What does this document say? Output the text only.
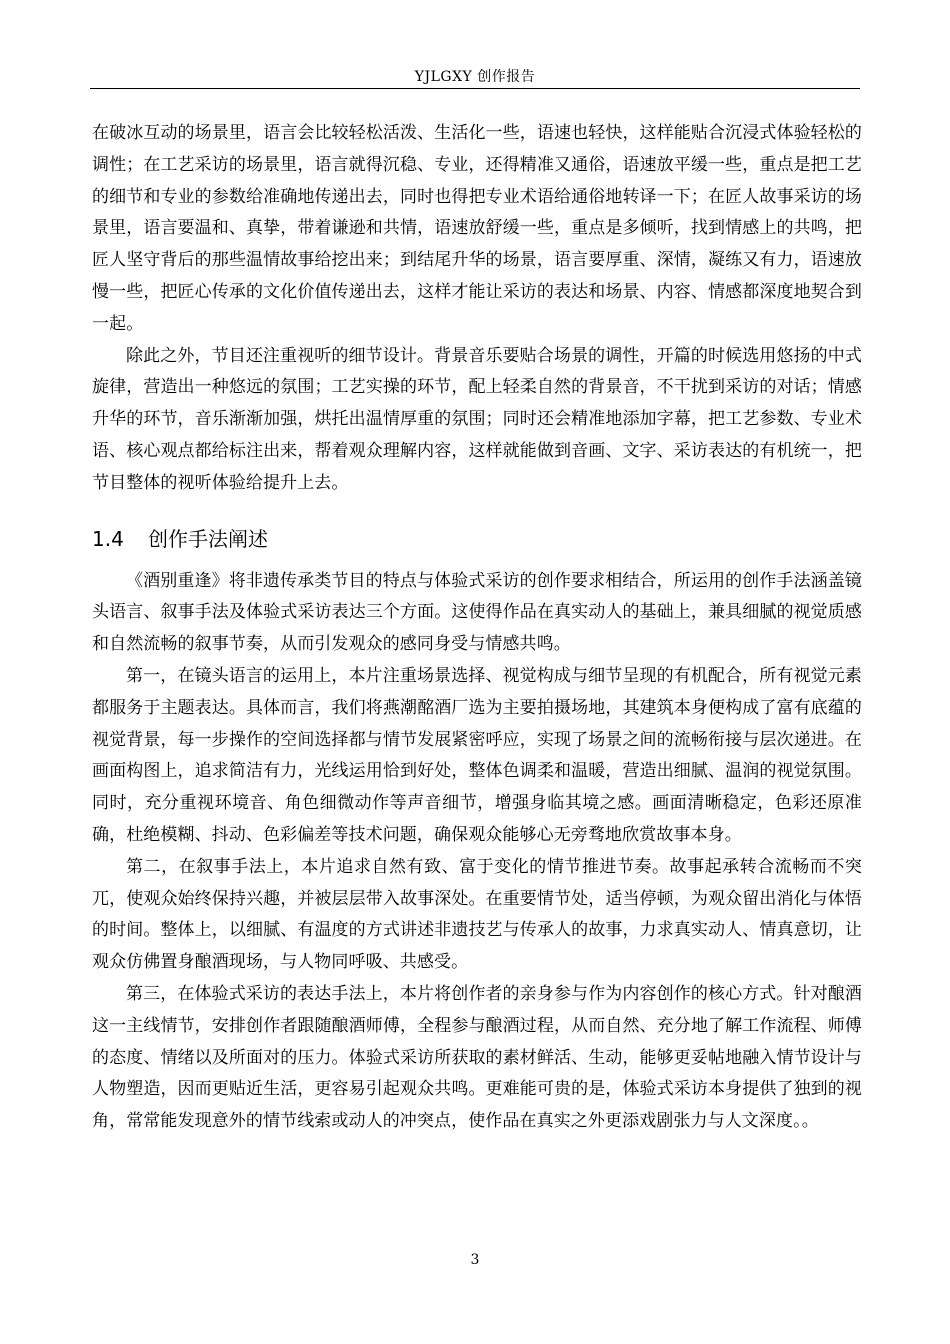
YJLGXY 创作报告

在破冰互动的场景里，语言会比较轻松活泼、生活化一些，语速也轻快，这样能贴合沉浸式体验轻松的调性；在工艺采访的场景里，语言就得沉稳、专业，还得精准又通俗，语速放平缓一些，重点是把工艺的细节和专业的参数给准确地传递出去，同时也得把专业术语给通俗地转译一下；在匠人故事采访的场景里，语言要温和、真挚，带着谦逊和共情，语速放舒缓一些，重点是多倾听，找到情感上的共鸣，把匠人坚守背后的那些温情故事给挖出来；到结尾升华的场景，语言要厚重、深情，凝练又有力，语速放慢一些，把匠心传承的文化价值传递出去，这样才能让采访的表达和场景、内容、情感都深度地契合到一起。

除此之外，节目还注重视听的细节设计。背景音乐要贴合场景的调性，开篇的时候选用悠扬的中式旋律，营造出一种悠远的氛围；工艺实操的环节，配上轻柔自然的背景音，不干扰到采访的对话；情感升华的环节，音乐渐渐加强，烘托出温情厚重的氛围；同时还会精准地添加字幕，把工艺参数、专业术语、核心观点都给标注出来，帮着观众理解内容，这样就能做到音画、文字、采访表达的有机统一，把节目整体的视听体验给提升上去。

1.4	创作手法阐述

《酒别重逢》将非遗传承类节目的特点与体验式采访的创作要求相结合，所运用的创作手法涵盖镜头语言、叙事手法及体验式采访表达三个方面。这使得作品在真实动人的基础上，兼具细腻的视觉质感和自然流畅的叙事节奏，从而引发观众的感同身受与情感共鸣。

第一，在镜头语言的运用上，本片注重场景选择、视觉构成与细节呈现的有机配合，所有视觉元素都服务于主题表达。具体而言，我们将燕潮酩酒厂选为主要拍摄场地，其建筑本身便构成了富有底蕴的视觉背景，每一步操作的空间选择都与情节发展紧密呼应，实现了场景之间的流畅衔接与层次递进。在画面构图上，追求简洁有力，光线运用恰到好处，整体色调柔和温暖，营造出细腻、温润的视觉氛围。同时，充分重视环境音、角色细微动作等声音细节，增强身临其境之感。画面清晰稳定，色彩还原准确，杜绝模糊、抖动、色彩偏差等技术问题，确保观众能够心无旁骛地欣赏故事本身。

第二，在叙事手法上，本片追求自然有致、富于变化的情节推进节奏。故事起承转合流畅而不突兀，使观众始终保持兴趣，并被层层带入故事深处。在重要情节处，适当停顿，为观众留出消化与体悟的时间。整体上，以细腻、有温度的方式讲述非遗技艺与传承人的故事，力求真实动人、情真意切，让观众仿佛置身酿酒现场，与人物同呼吸、共感受。

第三，在体验式采访的表达手法上，本片将创作者的亲身参与作为内容创作的核心方式。针对酿酒这一主线情节，安排创作者跟随酿酒师傅，全程参与酿酒过程，从而自然、充分地了解工作流程、师傅的态度、情绪以及所面对的压力。体验式采访所获取的素材鲜活、生动，能够更妥帖地融入情节设计与人物塑造，因而更贴近生活，更容易引起观众共鸣。更难能可贵的是，体验式采访本身提供了独到的视角，常常能发现意外的情节线索或动人的冲突点，使作品在真实之外更添戏剧张力与人文深度。。

3
